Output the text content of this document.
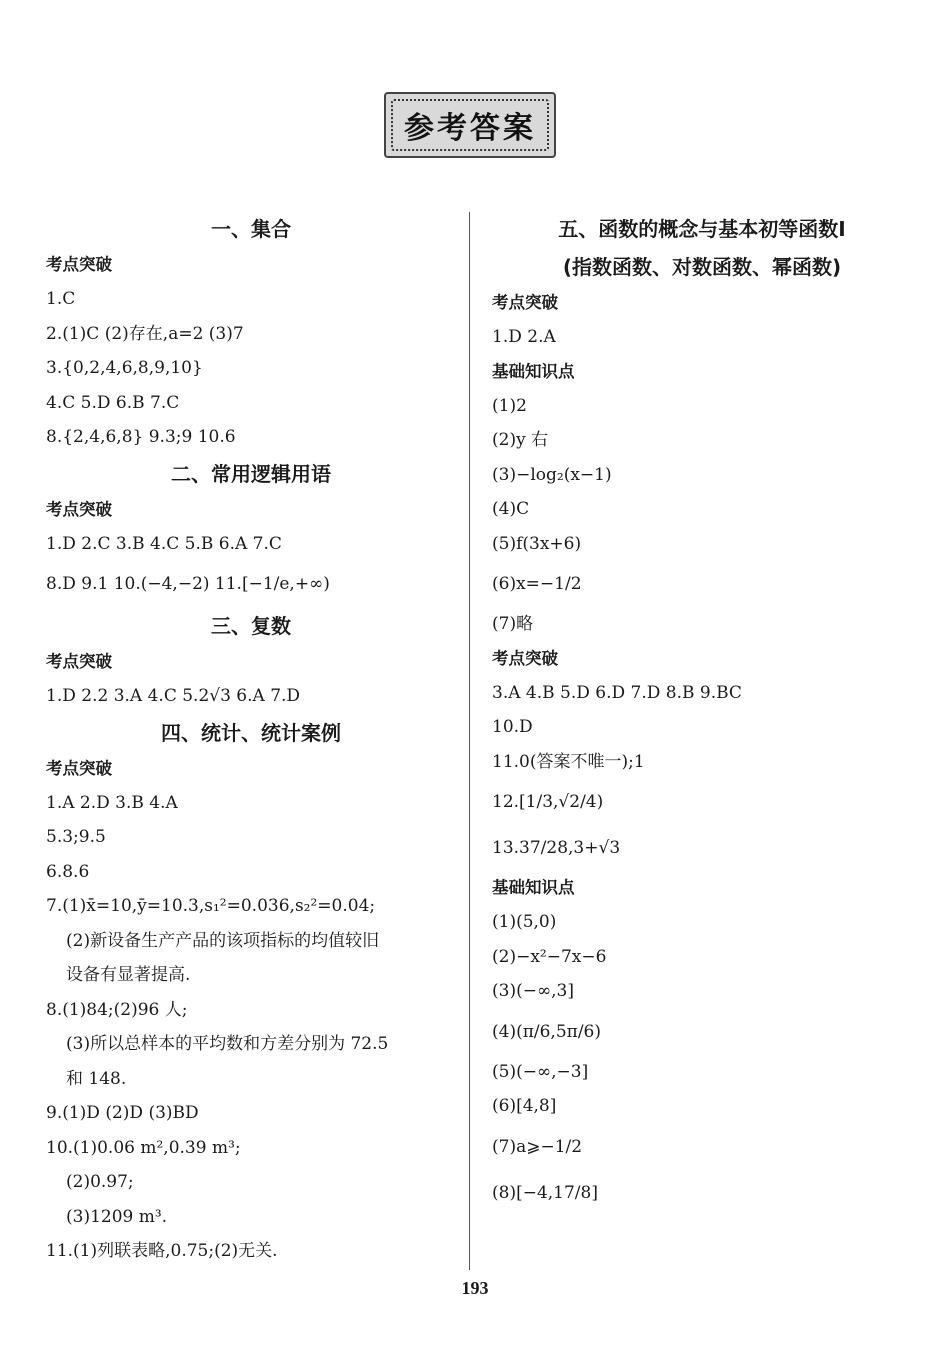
参考答案
一、集合
考点突破
1.C
2.(1)C (2)存在,a=2 (3)7
3.{0,2,4,6,8,9,10}
4.C 5.D 6.B 7.C
8.{2,4,6,8} 9.3;9 10.6
二、常用逻辑用语
考点突破
1.D 2.C 3.B 4.C 5.B 6.A 7.C
8.D 9.1 10.(−4,−2) 11.[−1/e,+∞)
三、复数
考点突破
1.D 2.2 3.A 4.C 5.2√3 6.A 7.D
四、统计、统计案例
考点突破
1.A 2.D 3.B 4.A
5.3;9.5
6.8.6
7.(1)x̄=10,ȳ=10.3,s₁²=0.036,s₂²=0.04;
(2)新设备生产产品的该项指标的均值较旧
设备有显著提高.
8.(1)84;(2)96 人;
(3)所以总样本的平均数和方差分别为 72.5
和 148.
9.(1)D (2)D (3)BD
10.(1)0.06 m²,0.39 m³;
(2)0.97;
(3)1209 m³.
11.(1)列联表略,0.75;(2)无关.
五、函数的概念与基本初等函数Ⅰ
(指数函数、对数函数、幂函数)
考点突破
1.D 2.A
基础知识点
(1)2
(2)y 右
(3)−log₂(x−1)
(4)C
(5)f(3x+6)
(6)x=−1/2
(7)略
考点突破
3.A 4.B 5.D 6.D 7.D 8.B 9.BC
10.D
11.0(答案不唯一);1
12.[1/3,√2/4)
13.37/28,3+√3
基础知识点
(1)(5,0)
(2)−x²−7x−6
(3)(−∞,3]
(4)(π/6,5π/6)
(5)(−∞,−3]
(6)[4,8]
(7)a⩾−1/2
(8)[−4,17/8]
193
